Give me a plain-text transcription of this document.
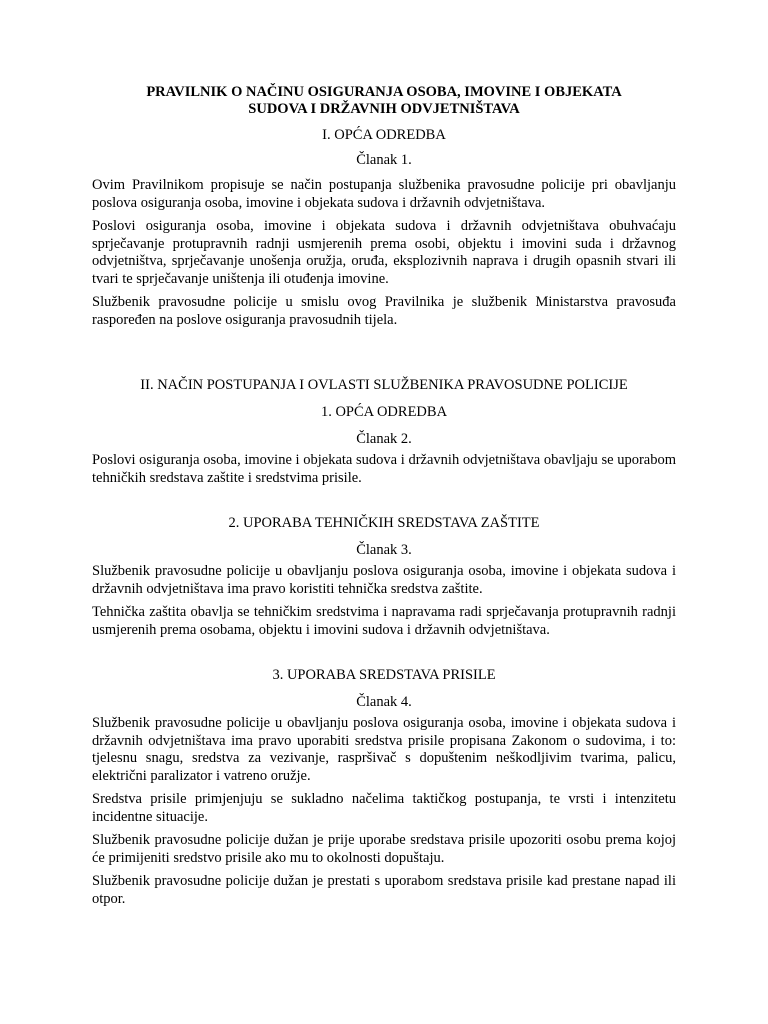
PRAVILNIK O NAČINU OSIGURANJA OSOBA, IMOVINE I OBJEKATA

SUDOVA I DRŽAVNIH ODVJETNIŠTAVA

I. OPĆA ODREDBA

Članak 1.

Ovim Pravilnikom propisuje se način postupanja službenika pravosudne policije pri obavljanju poslova osiguranja osoba, imovine i objekata sudova i državnih odvjetništava.

Poslovi osiguranja osoba, imovine i objekata sudova i državnih odvjetništava obuhvaćaju sprječavanje protupravnih radnji usmjerenih prema osobi, objektu i imovini suda i državnog odvjetništva, sprječavanje unošenja oružja, oruđa, eksplozivnih naprava i drugih opasnih stvari ili tvari te sprječavanje uništenja ili otuđenja imovine.

Službenik pravosudne policije u smislu ovog Pravilnika je službenik Ministarstva pravosuđa raspoređen na poslove osiguranja pravosudnih tijela.

II. NAČIN POSTUPANJA I OVLASTI SLUŽBENIKA PRAVOSUDNE POLICIJE

1. OPĆA ODREDBA

Članak 2.

Poslovi osiguranja osoba, imovine i objekata sudova i državnih odvjetništava obavljaju se uporabom tehničkih sredstava zaštite i sredstvima prisile.

2. UPORABA TEHNIČKIH SREDSTAVA ZAŠTITE

Članak 3.

Službenik pravosudne policije u obavljanju poslova osiguranja osoba, imovine i objekata sudova i državnih odvjetništava ima pravo koristiti tehnička sredstva zaštite.

Tehnička zaštita obavlja se tehničkim sredstvima i napravama radi sprječavanja protupravnih radnji usmjerenih prema osobama, objektu i imovini sudova i državnih odvjetništava.

3. UPORABA SREDSTAVA PRISILE

Članak 4.

Službenik pravosudne policije u obavljanju poslova osiguranja osoba, imovine i objekata sudova i državnih odvjetništava ima pravo uporabiti sredstva prisile propisana Zakonom o sudovima, i to: tjelesnu snagu, sredstva za vezivanje, raspršivač s dopuštenim neškodljivim tvarima, palicu, električni paralizator i vatreno oružje.

Sredstva prisile primjenjuju se sukladno načelima taktičkog postupanja, te vrsti i intenzitetu incidentne situacije.

Službenik pravosudne policije dužan je prije uporabe sredstava prisile upozoriti osobu prema kojoj će primijeniti sredstvo prisile ako mu to okolnosti dopuštaju.

Službenik pravosudne policije dužan je prestati s uporabom sredstava prisile kad prestane napad ili otpor.
